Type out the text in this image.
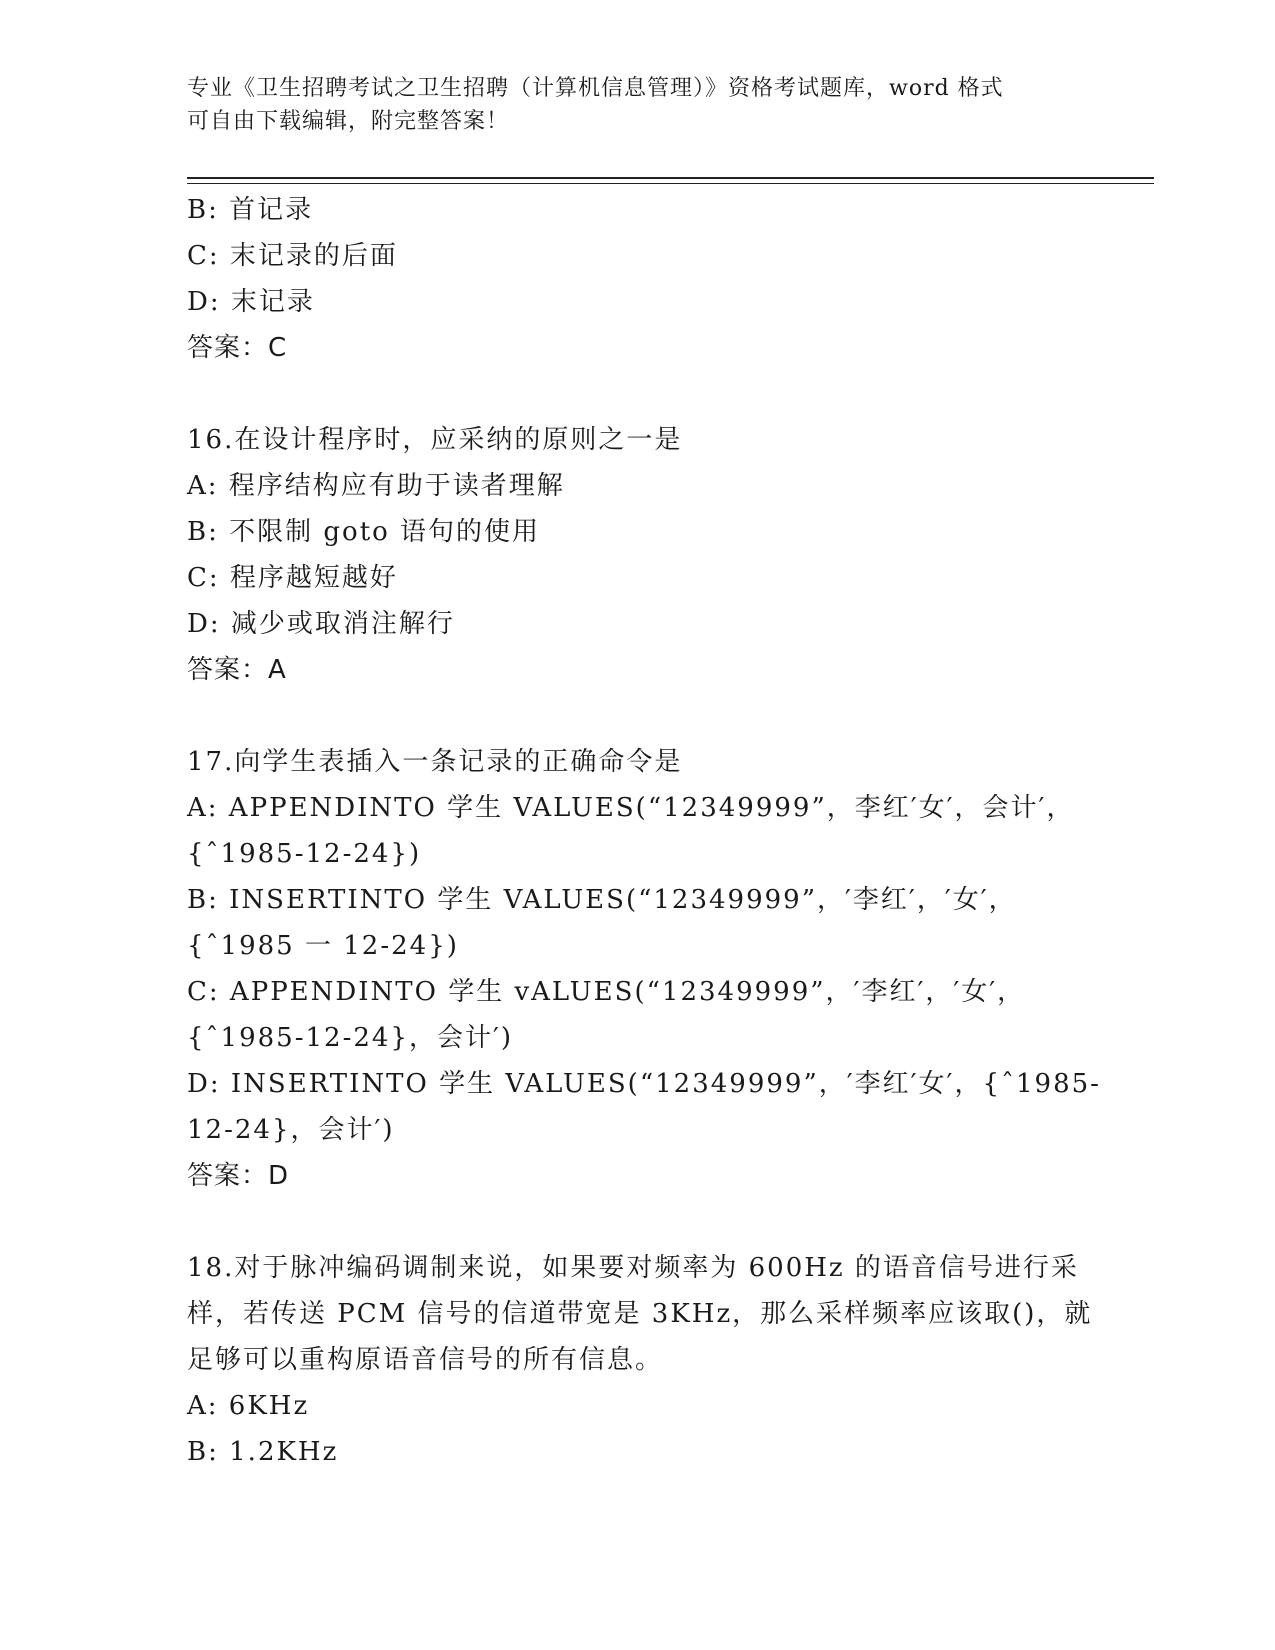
专业《卫生招聘考试之卫生招聘（计算机信息管理）》资格考试题库，word 格式
可自由下载编辑，附完整答案！
B: 首记录
C: 末记录的后面
D: 末记录
答案：C
16.在设计程序时，应采纳的原则之一是
A: 程序结构应有助于读者理解
B: 不限制 goto 语句的使用
C: 程序越短越好
D: 减少或取消注解行
答案：A
17.向学生表插入一条记录的正确命令是
A: APPENDINTO 学生 VALUES(“12349999”，李红′女′，会计′，
{ˆ1985-12-24})
B: INSERTINTO 学生 VALUES(“12349999”，′李红′，′女′，
{ˆ1985 一 12-24})
C: APPENDINTO 学生 vALUES(“12349999”，′李红′，′女′，
{ˆ1985-12-24}，会计′)
D: INSERTINTO 学生 VALUES(“12349999”，′李红′女′，{ˆ1985-
12-24}，会计′)
答案：D
18.对于脉冲编码调制来说，如果要对频率为 600Hz 的语音信号进行采
样，若传送 PCM 信号的信道带宽是 3KHz，那么采样频率应该取()，就
足够可以重构原语音信号的所有信息。
A: 6KHz
B: 1.2KHz
